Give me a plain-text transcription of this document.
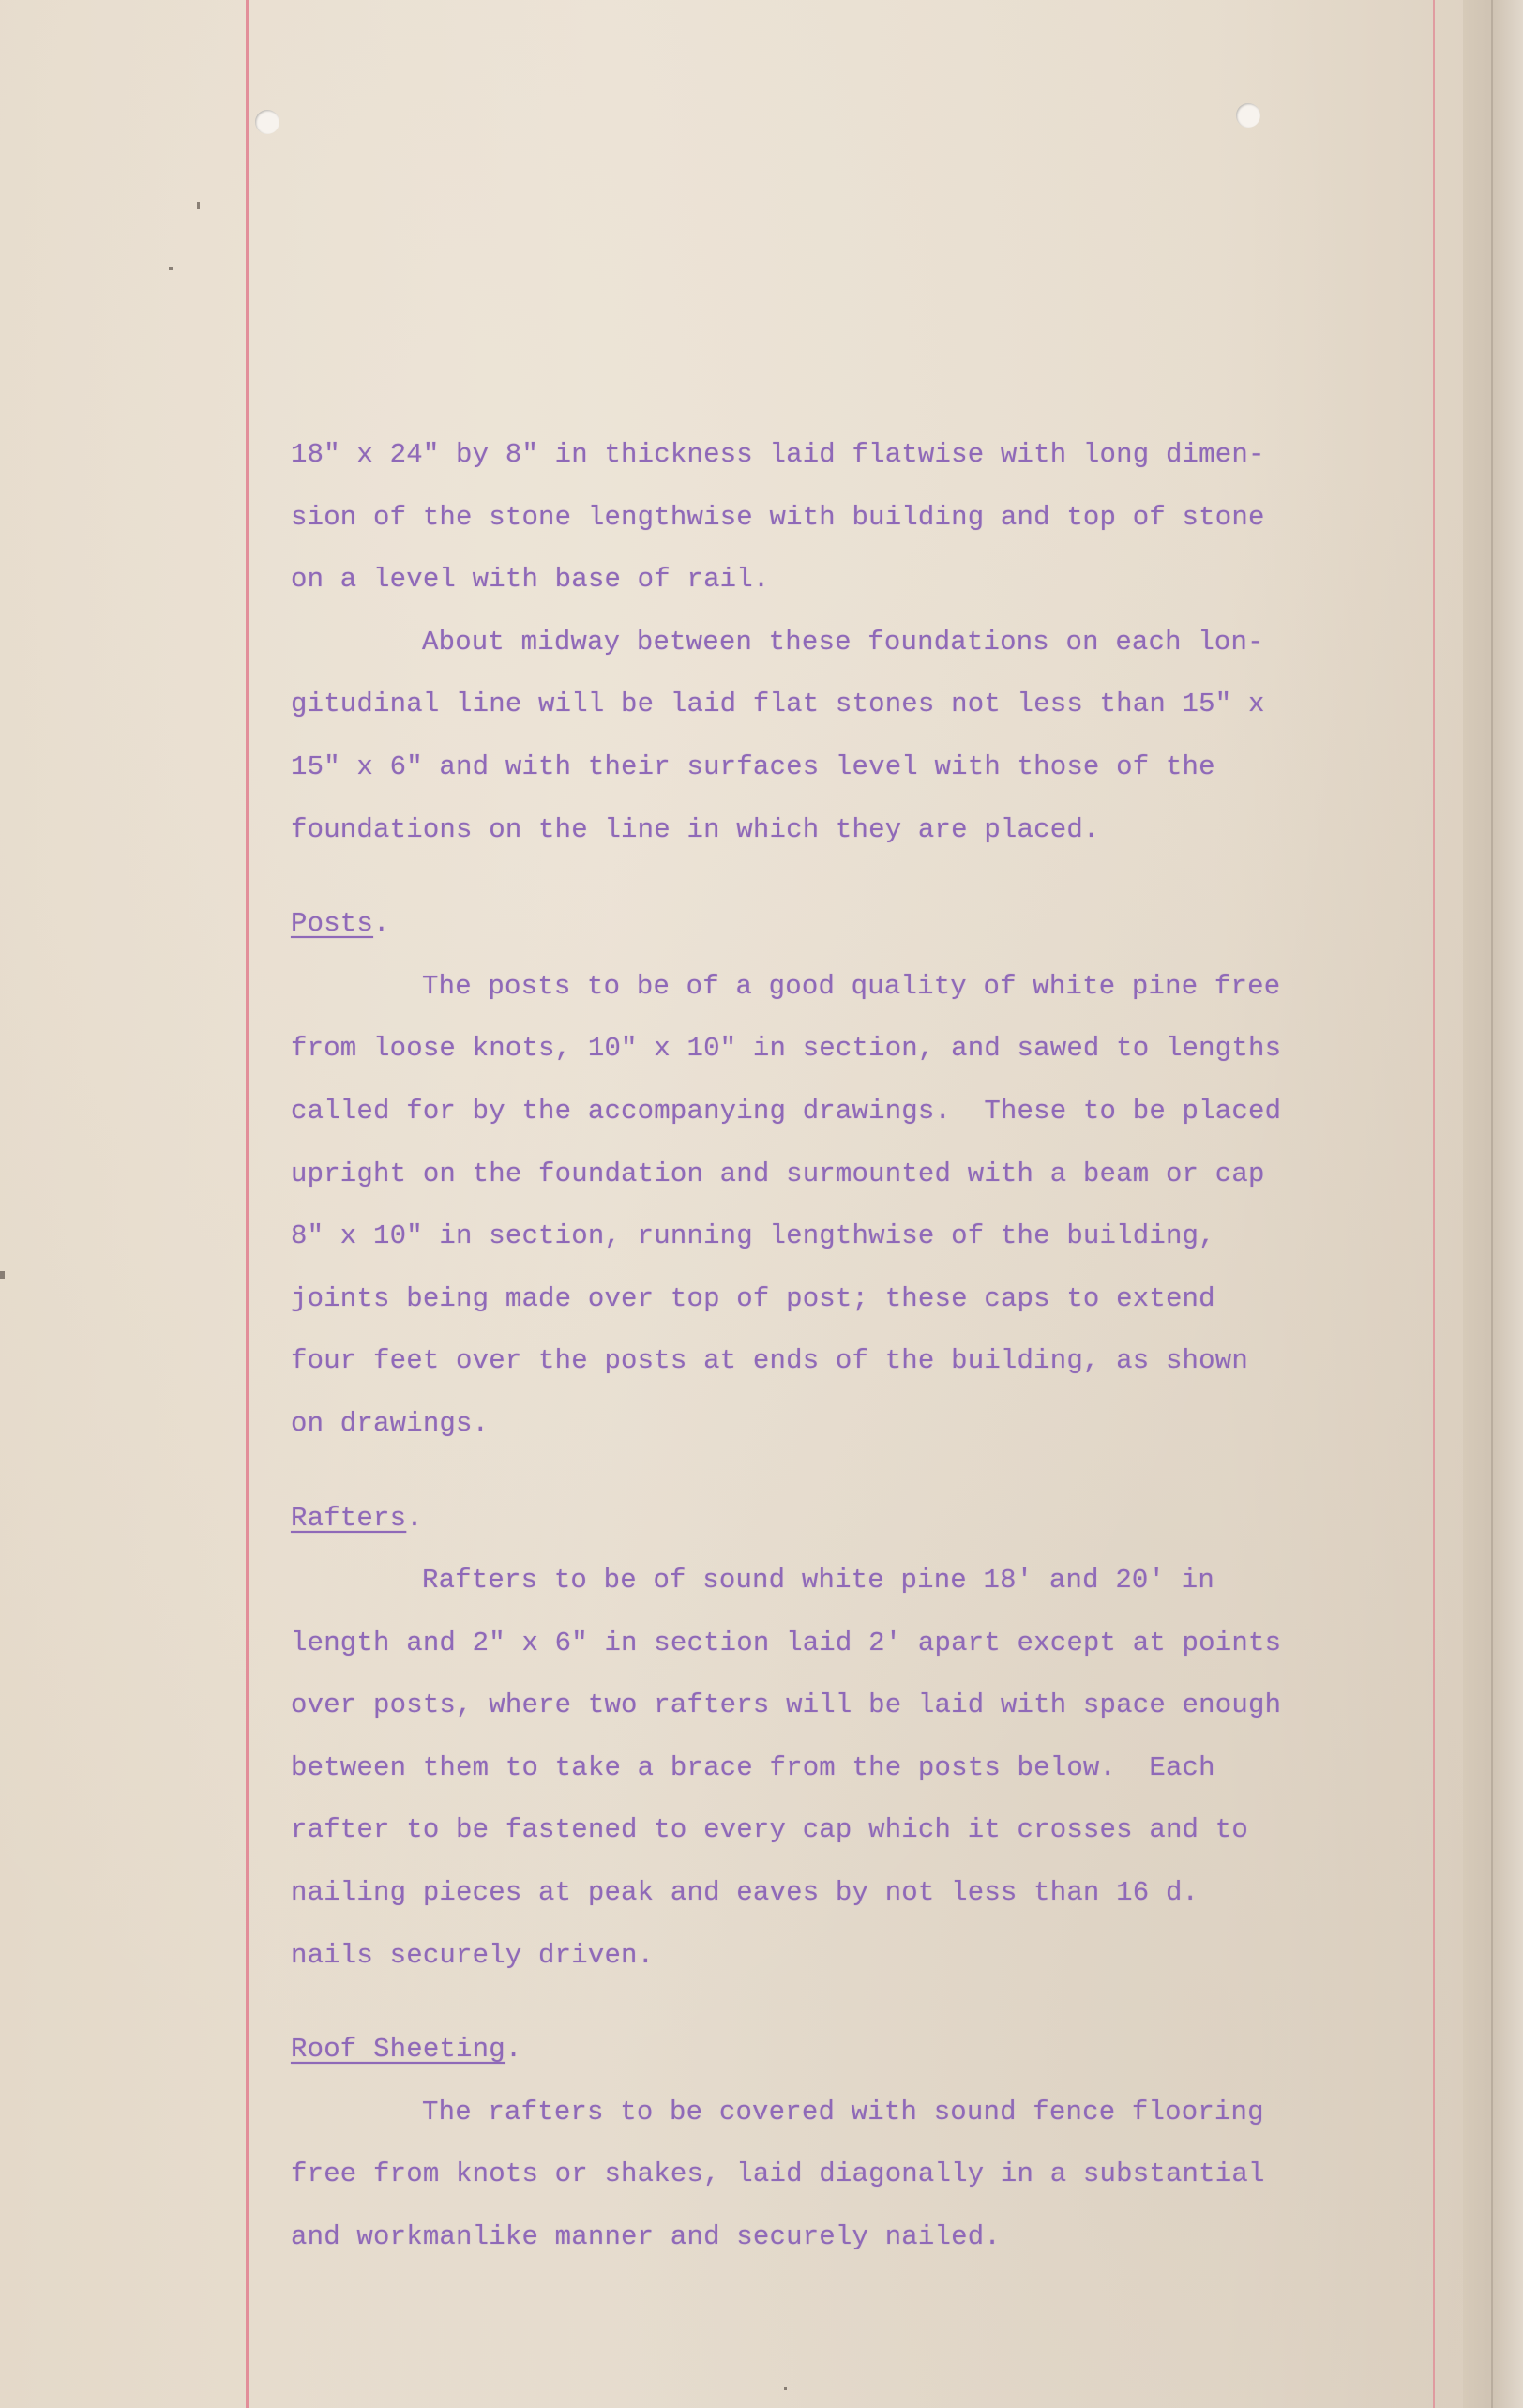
18" x 24" by 8" in thickness laid flatwise with long dimen-
sion of the stone lengthwise with building and top of stone
on a level with base of rail.
About midway between these foundations on each lon-
gitudinal line will be laid flat stones not less than 15" x
15" x 6" and with their surfaces level with those of the
foundations on the line in which they are placed.
Posts.
The posts to be of a good quality of white pine free
from loose knots, 10" x 10" in section, and sawed to lengths
called for by the accompanying drawings.  These to be placed
upright on the foundation and surmounted with a beam or cap
8" x 10" in section, running lengthwise of the building,
joints being made over top of post; these caps to extend
four feet over the posts at ends of the building, as shown
on drawings.
Rafters.
Rafters to be of sound white pine 18' and 20' in
length and 2" x 6" in section laid 2' apart except at points
over posts, where two rafters will be laid with space enough
between them to take a brace from the posts below.  Each
rafter to be fastened to every cap which it crosses and to
nailing pieces at peak and eaves by not less than 16 d.
nails securely driven.
Roof Sheeting.
The rafters to be covered with sound fence flooring
free from knots or shakes, laid diagonally in a substantial
and workmanlike manner and securely nailed.
